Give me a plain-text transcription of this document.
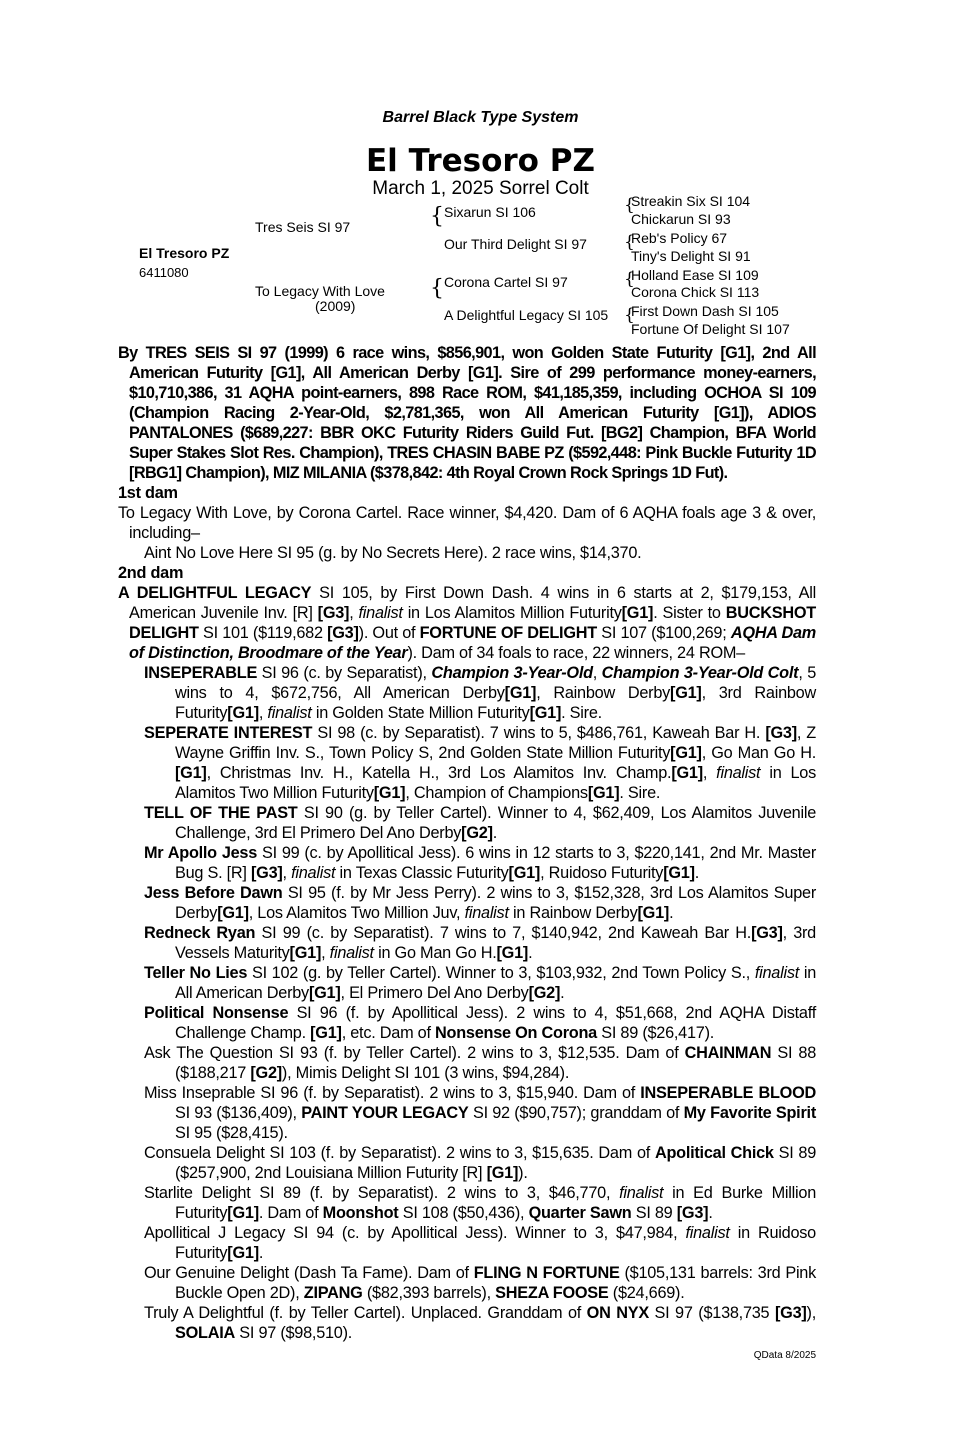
Barrel Black Type System
El Tresoro PZ
March 1, 2025 Sorrel Colt
El Tresoro PZ
6411080
Tres Seis SI 97
To Legacy With Love
(2009)
{ Sixarun SI 106
Our Third Delight SI 97
{ Corona Cartel SI 97
A Delightful Legacy SI 105
{
Streakin Six SI 104
Chickarun SI 93
{
Reb's Policy 67
Tiny's Delight SI 91
{
Holland Ease SI 109
Corona Chick SI 113
{
First Down Dash SI 105
Fortune Of Delight SI 107
By TRES SEIS SI 97 (1999) 6 race wins, $856,901, won Golden State Futurity [G1], 2nd All American Futurity [G1], All American Derby [G1]. Sire of 299 performance money-earners, $10,710,386, 31 AQHA point-earners, 898 Race ROM, $41,185,359, including OCHOA SI 109 (Champion Racing 2-Year-Old, $2,781,365, won All American Futurity [G1]), ADIOS PANTALONES ($689,227: BBR OKC Futurity Riders Guild Fut. [BG2] Champion, BFA World Super Stakes Slot Res. Champion), TRES CHASIN BABE PZ ($592,448: Pink Buckle Futurity 1D [RBG1] Champion), MIZ MILANIA ($378,842: 4th Royal Crown Rock Springs 1D Fut).
1st dam
To Legacy With Love, by Corona Cartel. Race winner, $4,420. Dam of 6 AQHA foals age 3 & over, including–
Aint No Love Here SI 95 (g. by No Secrets Here). 2 race wins, $14,370.
2nd dam
A DELIGHTFUL LEGACY SI 105, by First Down Dash. 4 wins in 6 starts at 2, $179,153, All American Juvenile Inv. [R] [G3], finalist in Los Alamitos Million Futurity[G1]. Sister to BUCKSHOT DELIGHT SI 101 ($119,682 [G3]). Out of FORTUNE OF DELIGHT SI 107 ($100,269; AQHA Dam of Distinction, Broodmare of the Year). Dam of 34 foals to race, 22 winners, 24 ROM–
INSEPERABLE SI 96 (c. by Separatist), Champion 3-Year-Old, Champion 3-Year-Old Colt, 5 wins to 4, $672,756, All American Derby[G1], Rainbow Derby[G1], 3rd Rainbow Futurity[G1], finalist in Golden State Million Futurity[G1]. Sire.
SEPERATE INTEREST SI 98 (c. by Separatist). 7 wins to 5, $486,761, Kaweah Bar H. [G3], Z Wayne Griffin Inv. S., Town Policy S, 2nd Golden State Million Futurity[G1], Go Man Go H.[G1], Christmas Inv. H., Katella H., 3rd Los Alamitos Inv. Champ.[G1], finalist in Los Alamitos Two Million Futurity[G1], Champion of Champions[G1]. Sire.
TELL OF THE PAST SI 90 (g. by Teller Cartel). Winner to 4, $62,409, Los Alamitos Juvenile Challenge, 3rd El Primero Del Ano Derby[G2].
Mr Apollo Jess SI 99 (c. by Apollitical Jess). 6 wins in 12 starts to 3, $220,141, 2nd Mr. Master Bug S. [R] [G3], finalist in Texas Classic Futurity[G1], Ruidoso Futurity[G1].
Jess Before Dawn SI 95 (f. by Mr Jess Perry). 2 wins to 3, $152,328, 3rd Los Alamitos Super Derby[G1], Los Alamitos Two Million Juv, finalist in Rainbow Derby[G1].
Redneck Ryan SI 99 (c. by Separatist). 7 wins to 7, $140,942, 2nd Kaweah Bar H.[G3], 3rd Vessels Maturity[G1], finalist in Go Man Go H.[G1].
Teller No Lies SI 102 (g. by Teller Cartel). Winner to 3, $103,932, 2nd Town Policy S., finalist in All American Derby[G1], El Primero Del Ano Derby[G2].
Political Nonsense SI 96 (f. by Apollitical Jess). 2 wins to 4, $51,668, 2nd AQHA Distaff Challenge Champ. [G1], etc. Dam of Nonsense On Corona SI 89 ($26,417).
Ask The Question SI 93 (f. by Teller Cartel). 2 wins to 3, $12,535. Dam of CHAINMAN SI 88 ($188,217 [G2]), Mimis Delight SI 101 (3 wins, $94,284).
Miss Inseprable SI 96 (f. by Separatist). 2 wins to 3, $15,940. Dam of INSEPERABLE BLOOD SI 93 ($136,409), PAINT YOUR LEGACY SI 92 ($90,757); granddam of My Favorite Spirit SI 95 ($28,415).
Consuela Delight SI 103 (f. by Separatist). 2 wins to 3, $15,635. Dam of Apolitical Chick SI 89 ($257,900, 2nd Louisiana Million Futurity [R] [G1]).
Starlite Delight SI 89 (f. by Separatist). 2 wins to 3, $46,770, finalist in Ed Burke Million Futurity[G1]. Dam of Moonshot SI 108 ($50,436), Quarter Sawn SI 89 [G3].
Apollitical J Legacy SI 94 (c. by Apollitical Jess). Winner to 3, $47,984, finalist in Ruidoso Futurity[G1].
Our Genuine Delight (Dash Ta Fame). Dam of FLING N FORTUNE ($105,131 barrels: 3rd Pink Buckle Open 2D), ZIPANG ($82,393 barrels), SHEZA FOOSE ($24,669).
Truly A Delightful (f. by Teller Cartel). Unplaced. Granddam of ON NYX SI 97 ($138,735 [G3]), SOLAIA SI 97 ($98,510).
QData 8/2025
